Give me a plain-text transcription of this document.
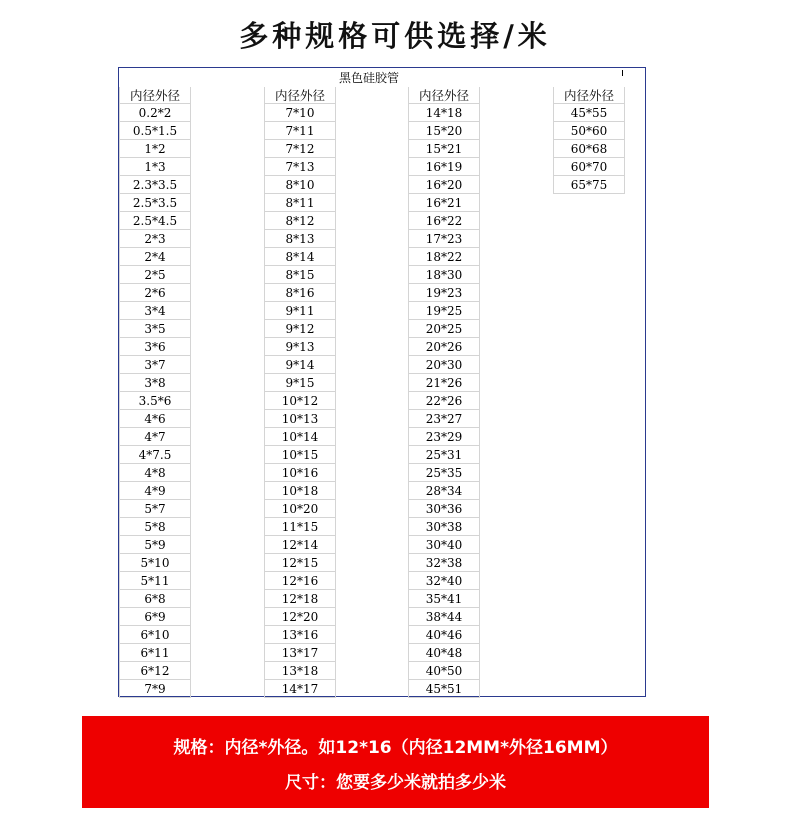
多种规格可供选择/米
黑色硅胶管
内径外径
0.2*2
0.5*1.5
1*2
1*3
2.3*3.5
2.5*3.5
2.5*4.5
2*3
2*4
2*5
2*6
3*4
3*5
3*6
3*7
3*8
3.5*6
4*6
4*7
4*7.5
4*8
4*9
5*7
5*8
5*9
5*10
5*11
6*8
6*9
6*10
6*11
6*12
7*9
内径外径
7*10
7*11
7*12
7*13
8*10
8*11
8*12
8*13
8*14
8*15
8*16
9*11
9*12
9*13
9*14
9*15
10*12
10*13
10*14
10*15
10*16
10*18
10*20
11*15
12*14
12*15
12*16
12*18
12*20
13*16
13*17
13*18
14*17
内径外径
14*18
15*20
15*21
16*19
16*20
16*21
16*22
17*23
18*22
18*30
19*23
19*25
20*25
20*26
20*30
21*26
22*26
23*27
23*29
25*31
25*35
28*34
30*36
30*38
30*40
32*38
32*40
35*41
38*44
40*46
40*48
40*50
45*51
内径外径
45*55
50*60
60*68
60*70
65*75
规格：内径*外径。如12*16（内径12MM*外径16MM）
尺寸：您要多少米就拍多少米
